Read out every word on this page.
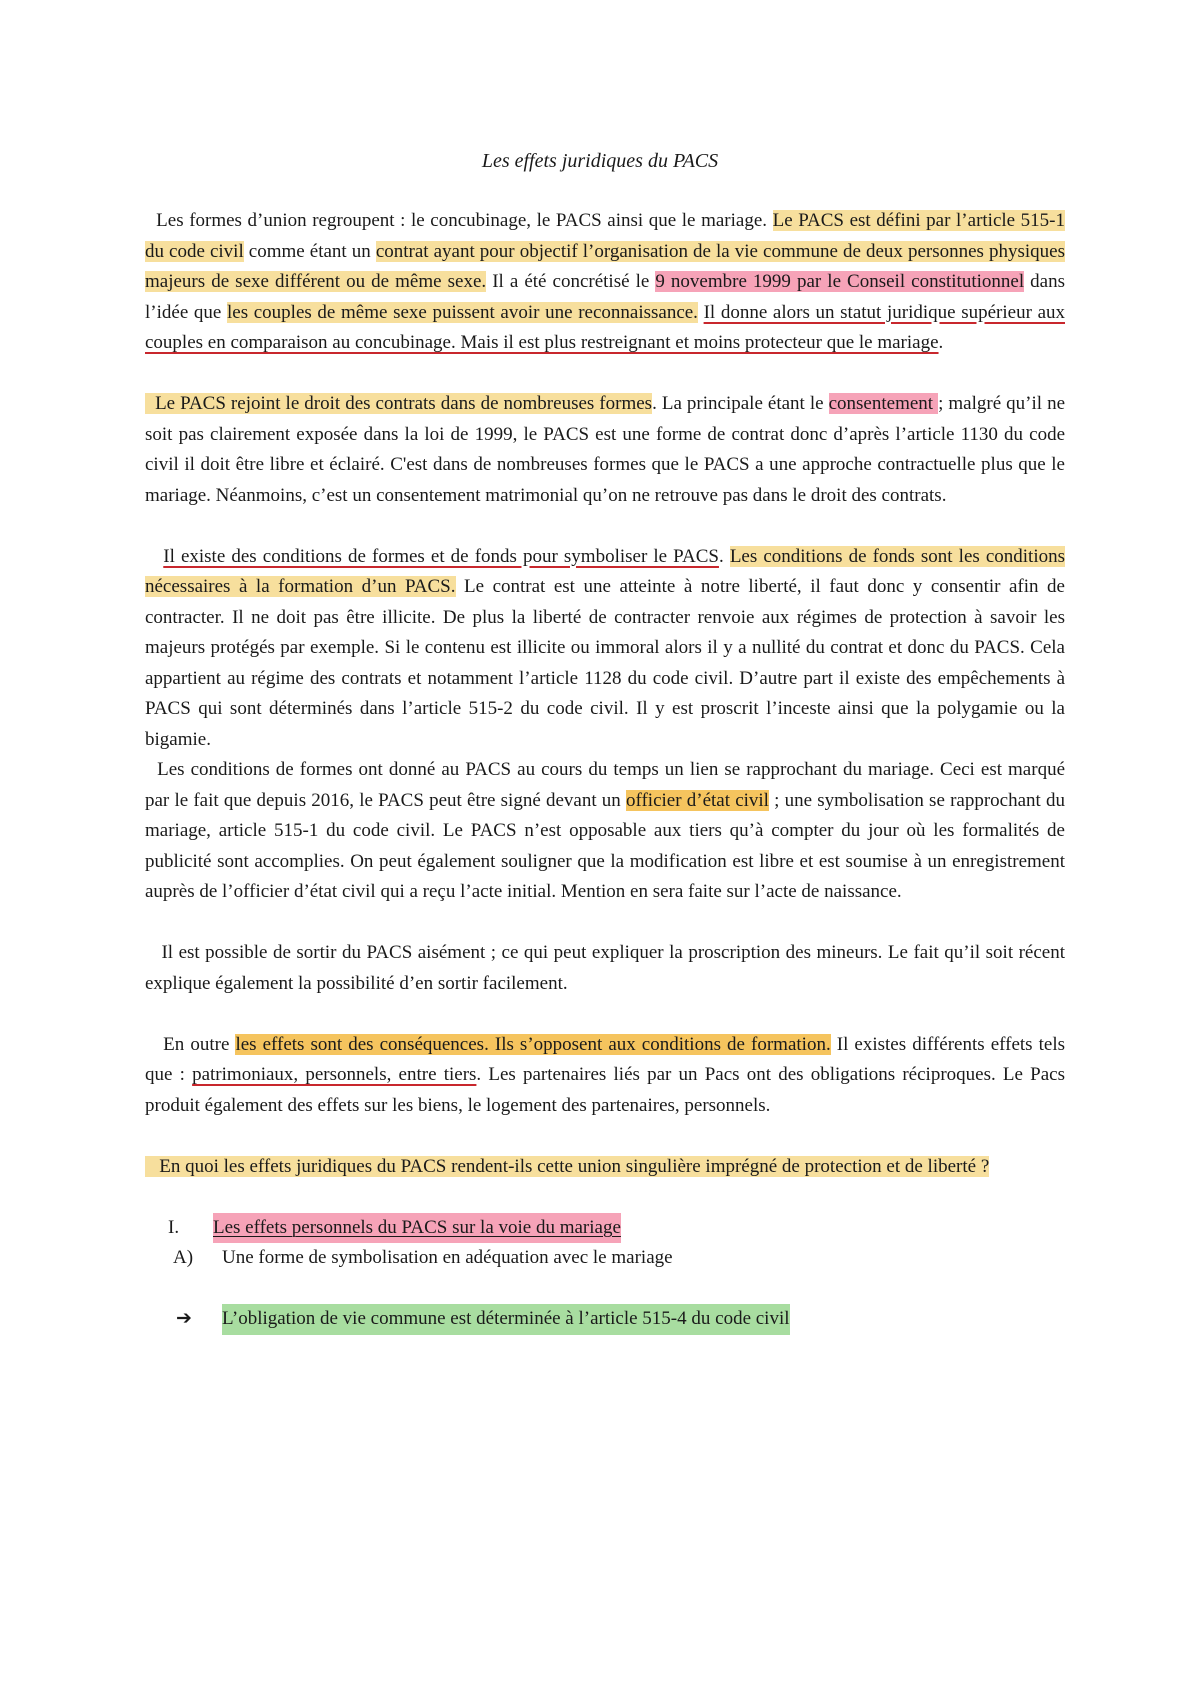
Les effets juridiques du PACS

Les formes d’union regroupent : le concubinage, le PACS ainsi que le mariage. Le PACS est défini par l’article 515-1 du code civil comme étant un contrat ayant pour objectif l’organisation de la vie commune de deux personnes physiques majeurs de sexe différent ou de même sexe. Il a été concrétisé le 9 novembre 1999 par le Conseil constitutionnel dans l’idée que les couples de même sexe puissent avoir une reconnaissance. Il donne alors un statut juridique supérieur aux couples en comparaison au concubinage. Mais il est plus restreignant et moins protecteur que le mariage.

Le PACS rejoint le droit des contrats dans de nombreuses formes. La principale étant le consentement ; malgré qu’il ne soit pas clairement exposée dans la loi de 1999, le PACS est une forme de contrat donc d’après l’article 1130 du code civil il doit être libre et éclairé. C'est dans de nombreuses formes que le PACS a une approche contractuelle plus que le mariage. Néanmoins, c’est un consentement matrimonial qu’on ne retrouve pas dans le droit des contrats.

Il existe des conditions de formes et de fonds pour symboliser le PACS. Les conditions de fonds sont les conditions nécessaires à la formation d’un PACS. Le contrat est une atteinte à notre liberté, il faut donc y consentir afin de contracter. Il ne doit pas être illicite. De plus la liberté de contracter renvoie aux régimes de protection à savoir les majeurs protégés par exemple. Si le contenu est illicite ou immoral alors il y a nullité du contrat et donc du PACS. Cela appartient au régime des contrats et notamment l’article 1128 du code civil. D’autre part il existe des empêchements à PACS qui sont déterminés dans l’article 515-2 du code civil. Il y est proscrit l’inceste ainsi que la polygamie ou la bigamie.

Les conditions de formes ont donné au PACS au cours du temps un lien se rapprochant du mariage. Ceci est marqué par le fait que depuis 2016, le PACS peut être signé devant un officier d’état civil ; une symbolisation se rapprochant du mariage, article 515-1 du code civil. Le PACS n’est opposable aux tiers qu’à compter du jour où les formalités de publicité sont accomplies. On peut également souligner que la modification est libre et est soumise à un enregistrement auprès de l’officier d’état civil qui a reçu l’acte initial. Mention en sera faite sur l’acte de naissance.

Il est possible de sortir du PACS aisément ; ce qui peut expliquer la proscription des mineurs. Le fait qu’il soit récent explique également la possibilité d’en sortir facilement.

En outre les effets sont des conséquences. Ils s’opposent aux conditions de formation. Il existes différents effets tels que : patrimoniaux, personnels, entre tiers. Les partenaires liés par un Pacs ont des obligations réciproques. Le Pacs produit également des effets sur les biens, le logement des partenaires, personnels.

En quoi les effets juridiques du PACS rendent-ils cette union singulière imprégné de protection et de liberté ?

I.	Les effets personnels du PACS sur la voie du mariage
A)	Une forme de symbolisation en adéquation avec le mariage
➔	L’obligation de vie commune est déterminée à l’article 515-4 du code civil
